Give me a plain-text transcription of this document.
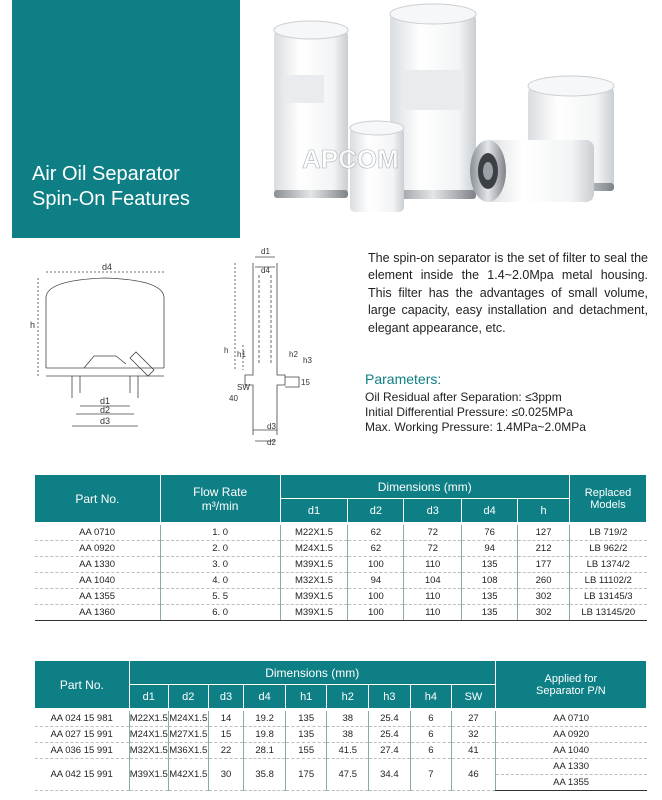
Air Oil Separator
Spin-On Features
APCOM
d4
h
d1
d2
d3
d1
d4
h h1	h2
h3
SW
40
15
d3
d2
The spin-on separator is the set of filter to seal the element inside the 1.4~2.0Mpa metal housing. This filter has the advantages of small volume, large capacity, easy installation and detachment, elegant appearance, etc.
Parameters:
Oil Residual after Separation: ≤3ppm
Initial Differential Pressure: ≤0.025MPa
Max. Working Pressure: 1.4MPa~2.0MPa
Part No.	Flow Rate
m³/min	Dimensions (mm)					Replaced Models
		d1	d2	d3	d4	h	

AA 0710	1. 0	M22X1.5	62	72	76	127	LB 719/2
AA 0920	2. 0	M24X1.5	62	72	94	212	LB 962/2
AA 1330	3. 0	M39X1.5	100	110	135	177	LB 1374/2
AA 1040	4. 0	M32X1.5	94	104	108	260	LB 11102/2
AA 1355	5. 5	M39X1.5	100	110	135	302	LB 13145/3
AA 1360	6. 0	M39X1.5	100	110	135	302	LB 13145/20
Part No.	Dimensions (mm)									Applied for
Separator P/N

	d1	d2	d3	d4	h1	h2	h3	h4	SW	

AA 024 15 981	M22X1.5	M24X1.5	14	19.2	135	38	25.4	6	27	AA 0710
AA 027 15 991	M24X1.5	M27X1.5	15	19.8	135	38	25.4	6	32	AA 0920
AA 036 15 991	M32X1.5	M36X1.5	22	28.1	155	41.5	27.4	6	41	AA 1040
AA 042 15 991	M39X1.5	M42X1.5	30	35.8	175	47.5	34.4	7	46	AA 1330
										AA 1355
